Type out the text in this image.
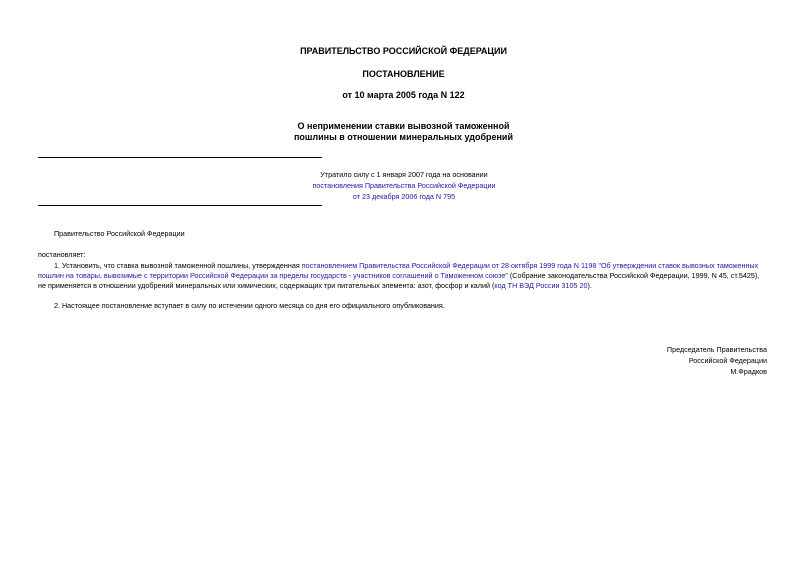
ПРАВИТЕЛЬСТВО РОССИЙСКОЙ ФЕДЕРАЦИИ
ПОСТАНОВЛЕНИЕ
от 10 марта 2005 года N 122
О неприменении ставки вывозной таможенной
пошлины в отношении минеральных удобрений
Утратило силу с 1 января 2007 года на основании
постановления Правительства Российской Федерации
от 23 декабря 2006 года N 795
Правительство Российской Федерации
постановляет:
1. Установить, что ставка вывозной таможенной пошлины, утвержденная постановлением Правительства Российской Федерации от 28 октября 1999 года N 1198 "Об утверждении ставок вывозных таможенных
пошлин на товары, вывозимые с территории Российской Федерации за пределы государств - участников соглашений о Таможенном союзе" (Собрание законодательства Российской Федерации, 1999, N 45, ст.5425),
не применяется в отношении удобрений минеральных или химических, содержащих три питательных элемента: азот, фосфор и калий (код ТН ВЭД России 3105 20).
2. Настоящее постановление вступает в силу по истечении одного месяца со дня его официального опубликования.
Председатель Правительства
Российской Федерации
М.Фрадков
